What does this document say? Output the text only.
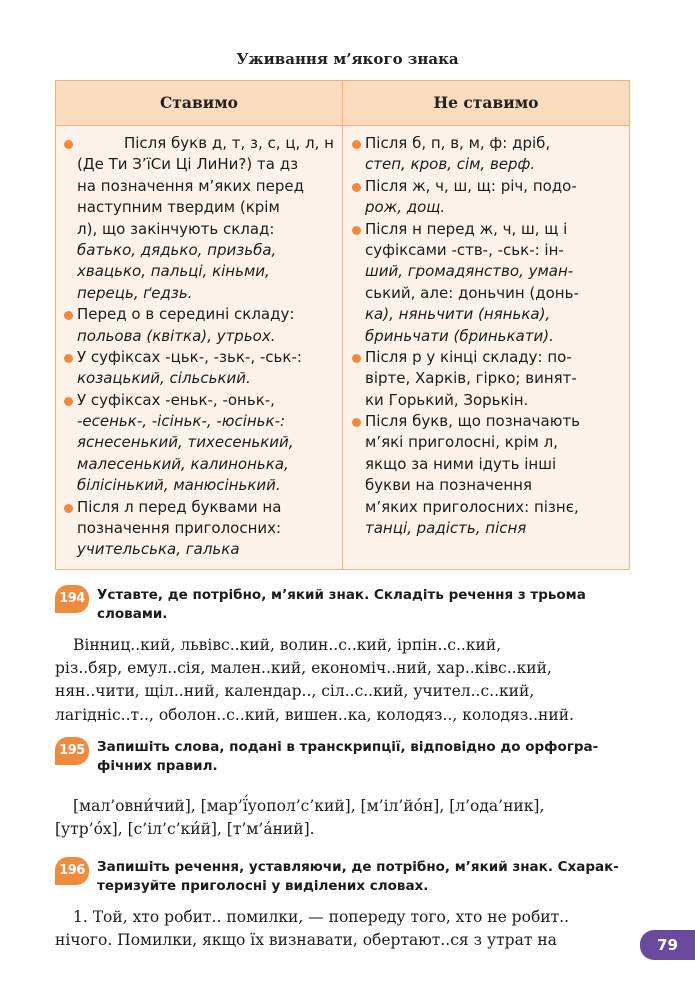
Уживання м’якого знака
Ставимо	Не ставимо
Після букв д, т, з, с, ц, л, н
(Де Ти З’їСи Ці ЛиНи?) та дз
на позначення м’яких перед
наступним твердим (крім
л), що закінчують склад:
батько, дядько, призьба,
хвацько, пальці, кіньми,
перець, ґедзь.
Перед о в середині складу:
польова (квітка), утрьох.
У суфіксах -цьк-, -зьк-, -ськ-:
козацький, сільський.
У суфіксах -еньк-, -оньк-,
-есеньк-, -ісіньк-, -юсіньк-:
яснесенький, тихесенький,
малесенький, калинонька,
білісінький, манюсінький.
Після л перед буквами на
позначення приголосних:
учительська, галька
Після б, п, в, м, ф: дріб,
степ, кров, сім, верф.
Після ж, ч, ш, щ: річ, подо-
рож, дощ.
Після н перед ж, ч, ш, щ і
суфіксами -ств-, -ськ-: ін-
ший, громадянство, уман-
ський, але: доньчин (донь-
ка), няньчити (нянька),
бриньчати (бринькати).
Після р у кінці складу: по-
вірте, Харків, гірко; винят-
ки Горький, Зорькін.
Після букв, що позначають
м’які приголосні, крім л,
якщо за ними ідуть інші
букви на позначення
м’яких приголосних: пізнє,
танці, радість, пісня
194 Уставте, де потрібно, м’який знак. Складіть речення з трьома
словами.
Вінниц..кий, львівс..кий, волин..с..кий, ірпін..с..кий,
різ..бяр, емул..сія, мален..кий, економіч..ний, хар..ківс..кий,
нян..чити, щіл..ний, календар.., сіл..с..кий, учител..с..кий,
лагідніс..т.., оболон..с..кий, вишен..ка, колодяз.., колодяз..ний.
195 Запишіть слова, подані в транскрипції, відповідно до орфогра-
фічних правил.
[мал’овни́чий], [мар’ї́уопол’с’кий], [м’іл’йо́н], [л’одa’ник],
[утр’о́х], [с’іл’с’ки́й], [т’м’а́ний].
196 Запишіть речення, уставляючи, де потрібно, м’який знак. Схарак-
теризуйте приголосні у виділених словах.
1. Той, хто робит.. помилки, — попереду того, хто не робит..
нічого. Помилки, якщо їх визнавати, обертают..ся з утрат на	79
